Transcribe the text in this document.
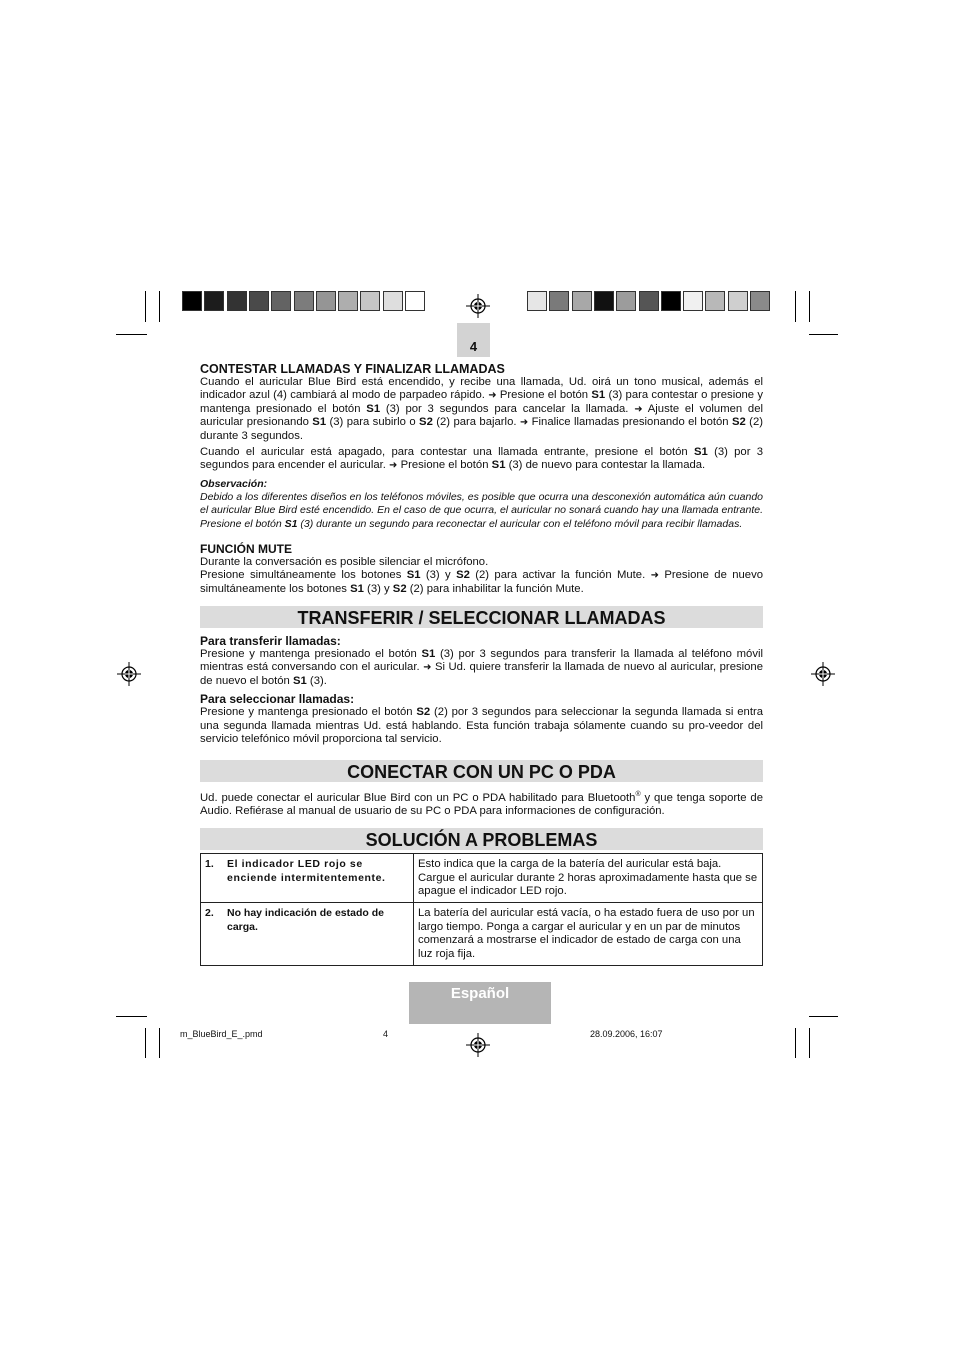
4

CONTESTAR LLAMADAS Y FINALIZAR LLAMADAS

Cuando el auricular Blue Bird está encendido, y recibe una llamada, Ud. oirá un tono musical, además el indicador azul (4) cambiará al modo de parpadeo rápido. ➜ Presione el botón S1 (3) para contestar o presione y mantenga presionado el botón S1 (3) por 3 segundos para cancelar la llamada. ➜ Ajuste el volumen del auricular presionando S1 (3) para subirlo o S2 (2) para bajarlo. ➜ Finalice llamadas presionando el botón S2 (2) durante 3 segundos.

Cuando el auricular está apagado, para contestar una llamada entrante, presione el botón S1 (3) por 3 segundos para encender el auricular. ➜ Presione el botón S1 (3) de nuevo para contestar la llamada.

Observación:

Debido a los diferentes diseños en los teléfonos móviles, es posible que ocurra una desconexión automática aún cuando el auricular Blue Bird esté encendido. En el caso de que ocurra, el auricular no sonará cuando hay una llamada entrante. Presione el botón S1 (3) durante un segundo para reconectar el auricular con el teléfono móvil para recibir llamadas.

FUNCIÓN MUTE

Durante la conversación es posible silenciar el micrófono.

Presione simultáneamente los botones S1 (3) y S2 (2) para activar la función Mute. ➜ Presione de nuevo simultáneamente los botones S1 (3) y S2 (2) para inhabilitar la función Mute.

TRANSFERIR / SELECCIONAR LLAMADAS

Para transferir llamadas:

Presione y mantenga presionado el botón S1 (3) por 3 segundos para transferir la llamada al teléfono móvil mientras está conversando con el auricular. ➜ Si Ud. quiere transferir la llamada de nuevo al auricular, presione de nuevo el botón S1 (3).

Para seleccionar llamadas:

Presione y mantenga presionado el botón S2 (2) por 3 segundos para seleccionar la segunda llamada si entra una segunda llamada mientras Ud. está hablando. Esta función trabaja sólamente cuando su pro-veedor del servicio telefónico móvil proporciona tal servicio.

CONECTAR CON UN PC O PDA

Ud. puede conectar el auricular Blue Bird con un PC o PDA habilitado para Bluetooth® y que tenga soporte de Audio. Refiérase al manual de usuario de su PC o PDA para informaciones de configuración.

SOLUCIÓN A PROBLEMAS
1. El indicador LED rojo se enciende intermitentemente.	Esto indica que la carga de la batería del auricular está baja. Cargue el auricular durante 2 horas aproximadamente hasta que se apague el indicador LED rojo.
2. No hay indicación de estado de carga.	La batería del auricular está vacía, o ha estado fuera de uso por un largo tiempo. Ponga a cargar el auricular y en un par de minutos comenzará a mostrarse el indicador de estado de carga con una luz roja fija.
Español
m_BlueBird_E_.pmd	4	28.09.2006, 16:07
